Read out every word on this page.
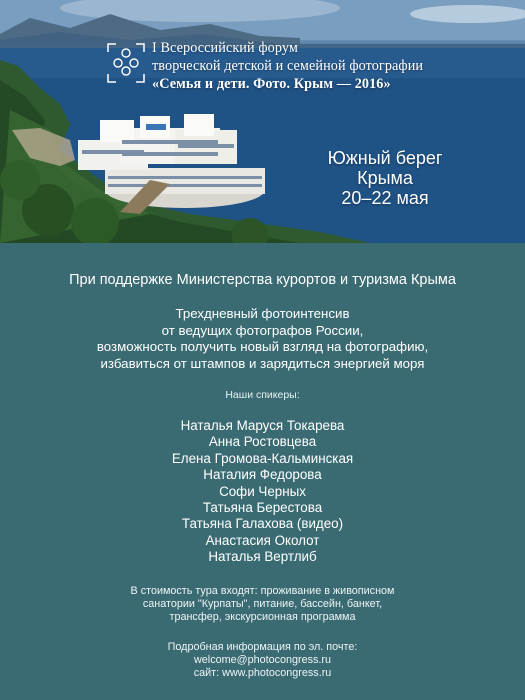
I Всероссийский форум
творческой детской и семейной фотографии
«Семья и дети. Фото. Крым — 2016»
Южный берег Крыма
20–22 мая
При поддержке Министерства курортов и туризма Крыма
Трехдневный фотоинтенсив
от ведущих фотографов России,
возможность получить новый взгляд на фотографию,
избавиться от штампов и зарядиться энергией моря
Наши спикеры:
Наталья Маруся Токарева
Анна Ростовцева
Елена Громова-Кальминская
Наталия Федорова
Софи Черных
Татьяна Берестова
Татьяна Галахова (видео)
Анастасия Околот
Наталья Вертлиб
В стоимость тура входят: проживание в живописном
санатории "Курпаты", питание, бассейн, банкет,
трансфер, экскурсионная программа
Подробная информация по эл. почте:
welcome@photocongress.ru
сайт: www.photocongress.ru
